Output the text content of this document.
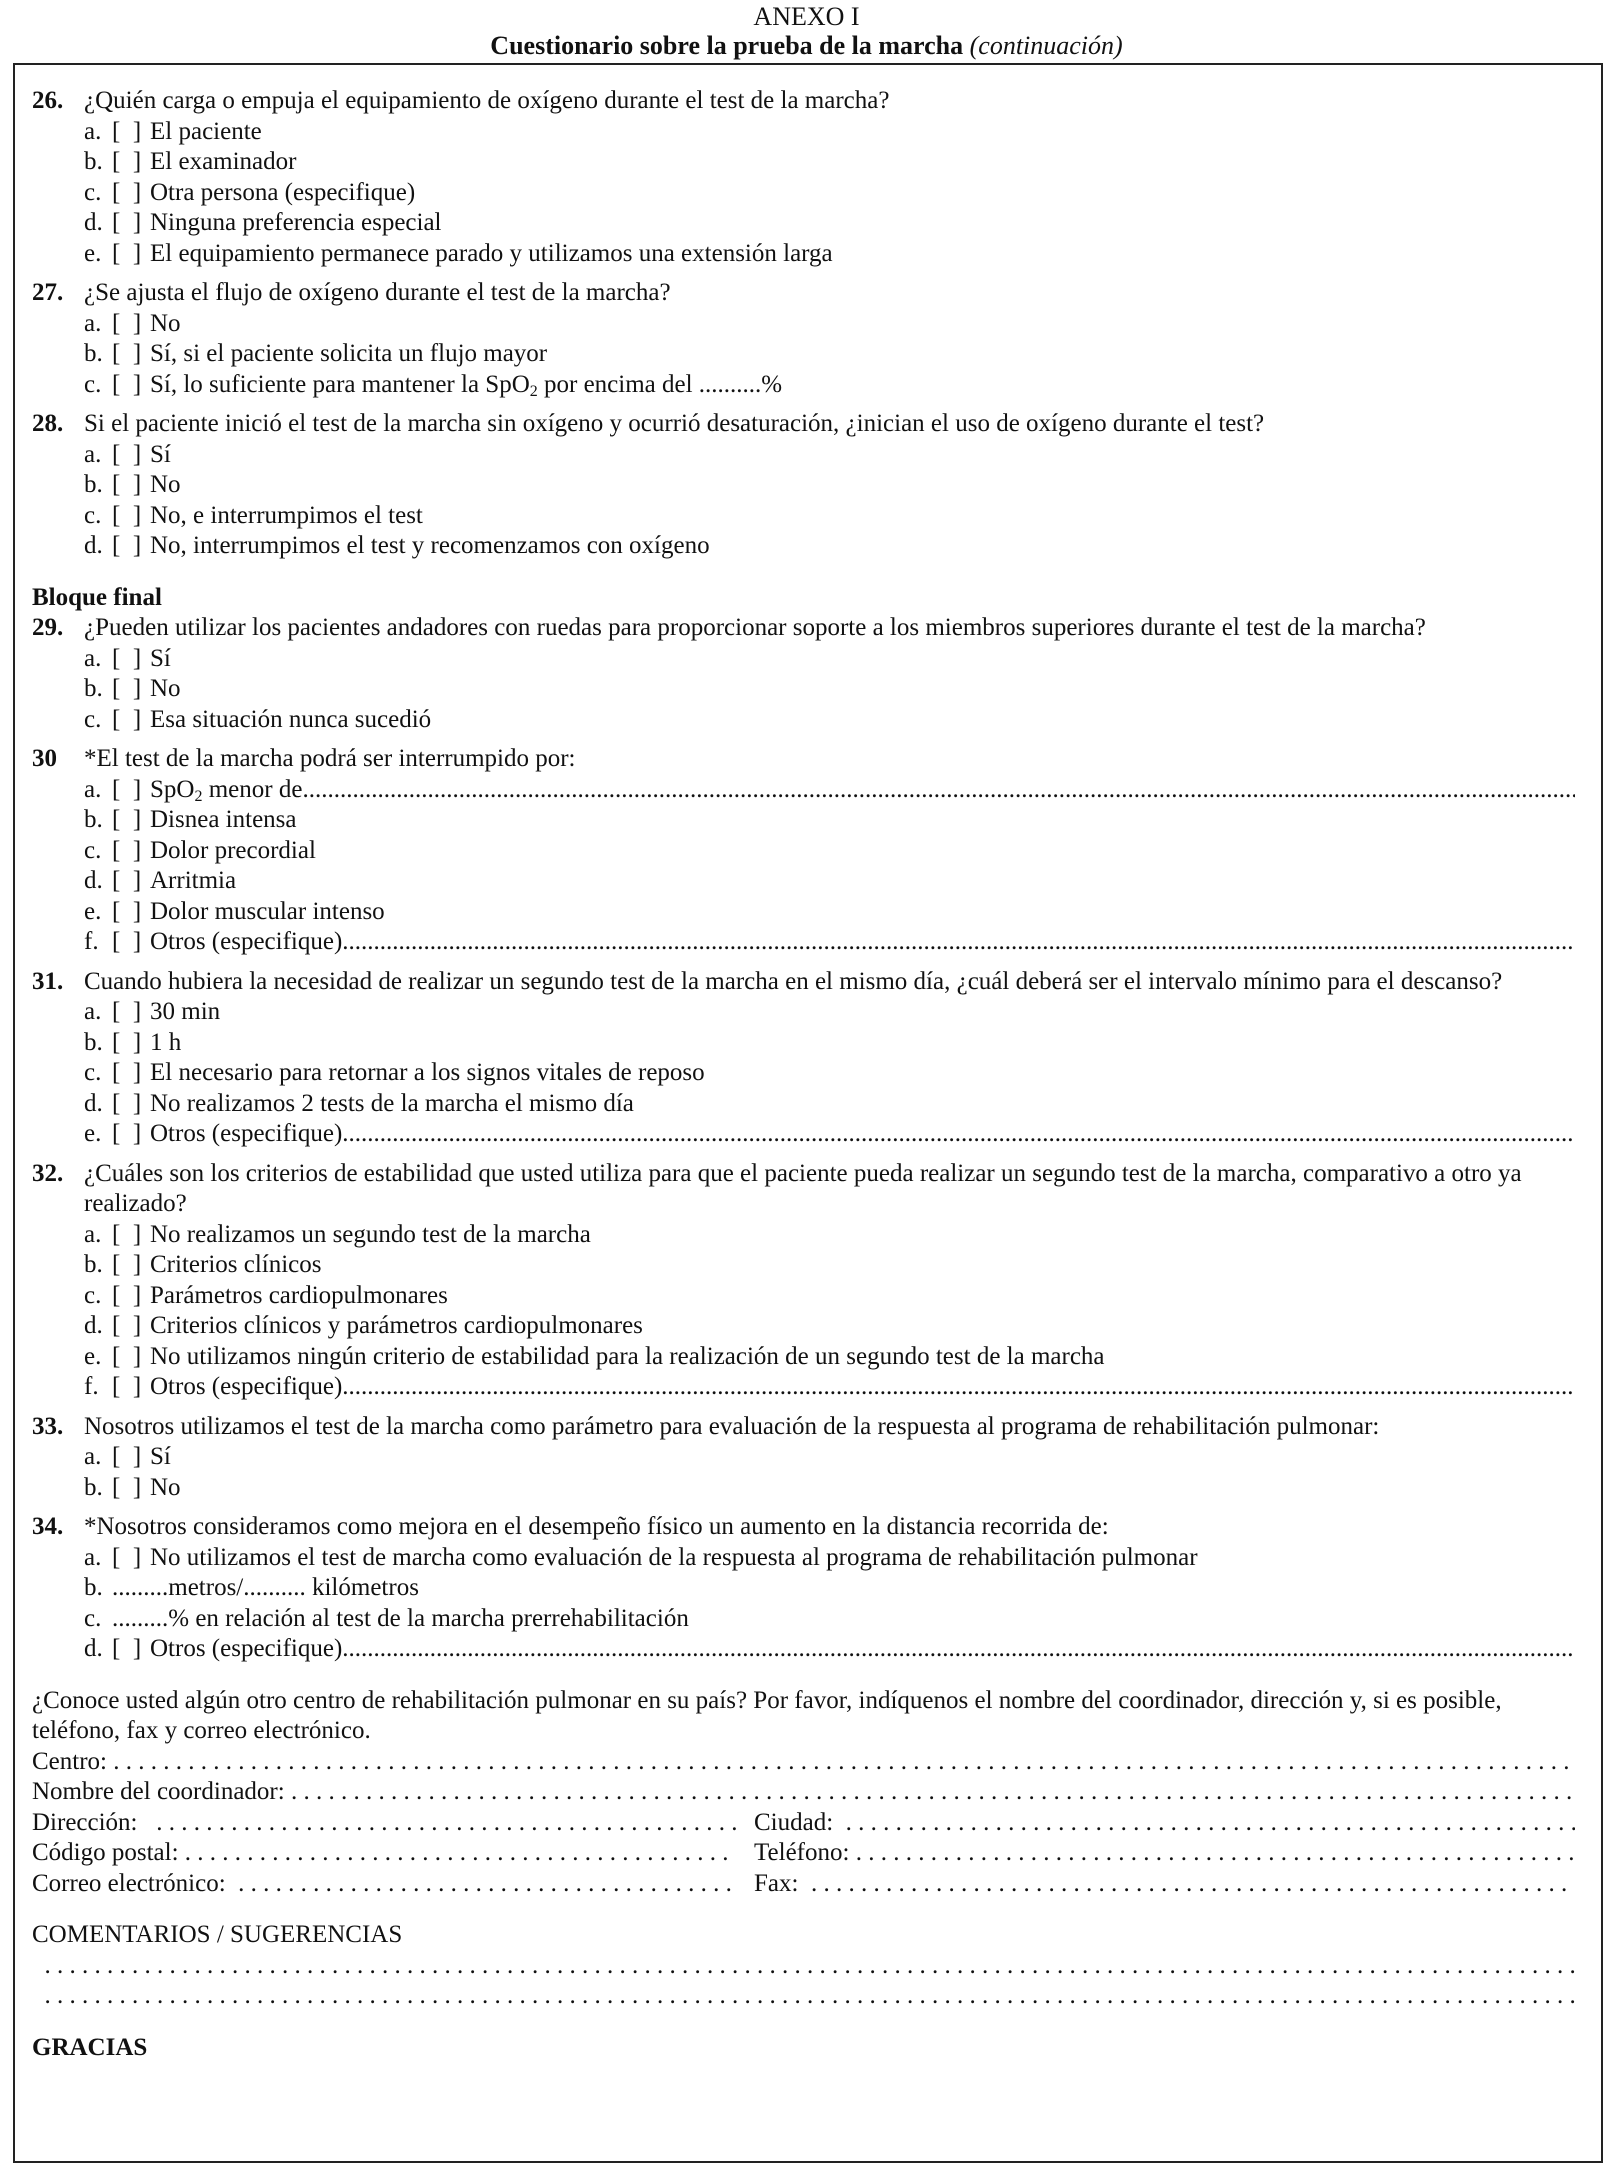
ANEXO I
Cuestionario sobre la prueba de la marcha (continuación)
26. ¿Quién carga o empuja el equipamiento de oxígeno durante el test de la marcha?
a. [  ] El paciente
b. [  ] El examinador
c. [  ] Otra persona (especifique)
d. [  ] Ninguna preferencia especial
e. [  ] El equipamiento permanece parado y utilizamos una extensión larga
27. ¿Se ajusta el flujo de oxígeno durante el test de la marcha?
a. [  ] No
b. [  ] Sí, si el paciente solicita un flujo mayor
c. [  ] Sí, lo suficiente para mantener la SpO$_2$ por encima del ..........%
28. Si el paciente inició el test de la marcha sin oxígeno y ocurrió desaturación, ¿inician el uso de oxígeno durante el test?
a. [  ] Sí
b. [  ] No
c. [  ] No, e interrumpimos el test
d. [  ] No, interrumpimos el test y recomenzamos con oxígeno
Bloque final
29. ¿Pueden utilizar los pacientes andadores con ruedas para proporcionar soporte a los miembros superiores durante el test de la marcha?
a. [  ] Sí
b. [  ] No
c. [  ] Esa situación nunca sucedió
30	*El test de la marcha podrá ser interrumpido por:
a. [  ] SpO$_2$ menor de
.....
b. [  ] Disnea intensa
c. [  ] Dolor precordial
d. [  ] Arritmia
e. [  ] Dolor muscular intenso
f. [  ] Otros (especifique)
.....
31. Cuando hubiera la necesidad de realizar un segundo test de la marcha en el mismo día, ¿cuál deberá ser el intervalo mínimo para el descanso?
a. [  ] 30 min
b. [  ] 1 h
c. [  ] El necesario para retornar a los signos vitales de reposo
d. [  ] No realizamos 2 tests de la marcha el mismo día
e. [  ] Otros (especifique)
.....
32. ¿Cuáles son los criterios de estabilidad que usted utiliza para que el paciente pueda realizar un segundo test de la marcha, comparativo a otro ya realizado?
a. [  ] No realizamos un segundo test de la marcha
b. [  ] Criterios clínicos
c. [  ] Parámetros cardiopulmonares
d. [  ] Criterios clínicos y parámetros cardiopulmonares
e. [  ] No utilizamos ningún criterio de estabilidad para la realización de un segundo test de la marcha
f. [  ] Otros (especifique)
.....
33. Nosotros utilizamos el test de la marcha como parámetro para evaluación de la respuesta al programa de rehabilitación pulmonar:
a. [  ] Sí
b. [  ] No
34. *Nosotros consideramos como mejora en el desempeño físico un aumento en la distancia recorrida de:
a. [  ] No utilizamos el test de marcha como evaluación de la respuesta al programa de rehabilitación pulmonar
b. .........metros/.......... kilómetros
c. .........% en relación al test de la marcha prerrehabilitación
d. [  ] Otros (especifique)
.....
¿Conoce usted algún otro centro de rehabilitación pulmonar en su país? Por favor, indíquenos el nombre del coordinador, dirección y, si es posible, teléfono, fax y correo electrónico.
Centro:
. . .
Nombre del coordinador:
. . .
Dirección: . . .	Ciudad:
. . .
Código postal: . . .	Teléfono:
. . .
Correo electrónico: . . .	Fax:
. . .
COMENTARIOS / SUGERENCIAS
. . .
. . .
GRACIAS
